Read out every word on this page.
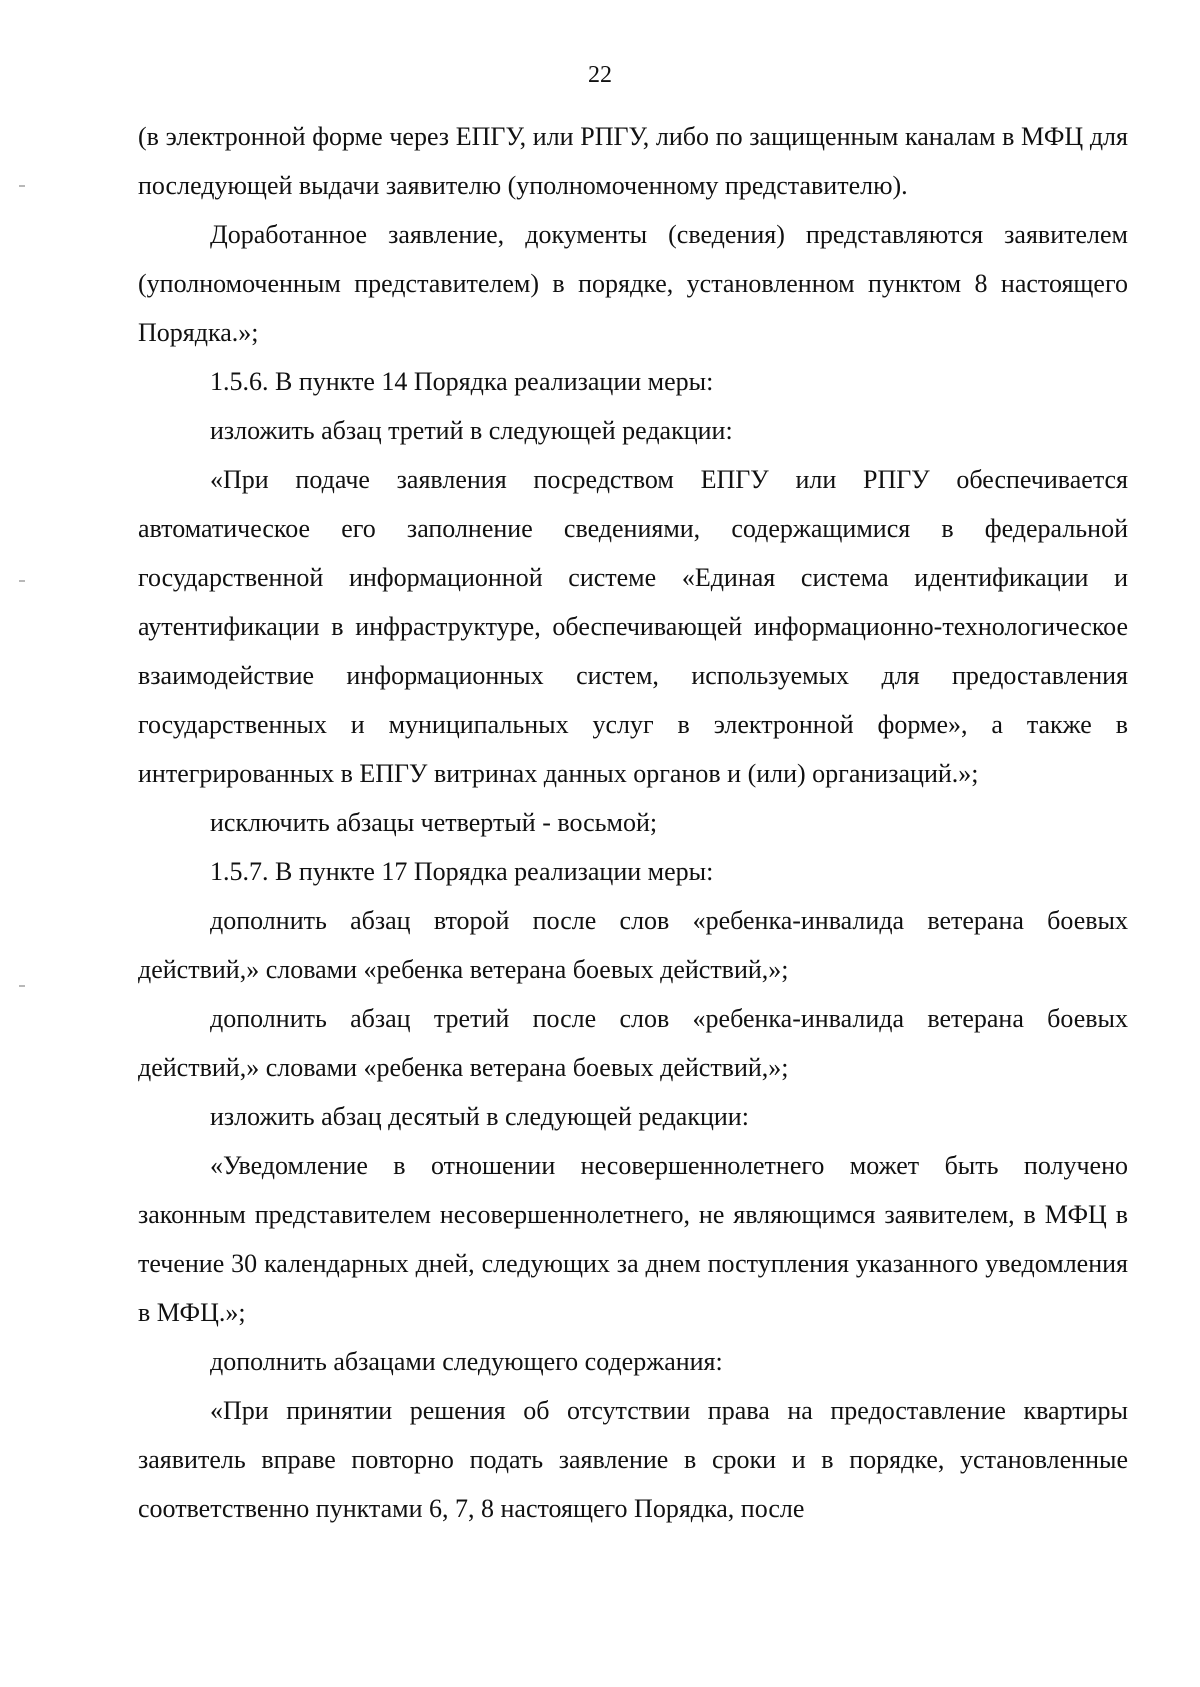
22

(в электронной форме через ЕПГУ, или РПГУ, либо по защищенным каналам в МФЦ для последующей выдачи заявителю (уполномоченному представителю).

Доработанное заявление, документы (сведения) представляются заявителем (уполномоченным представителем) в порядке, установленном пунктом 8 настоящего Порядка.»;

1.5.6. В пункте 14 Порядка реализации меры:

изложить абзац третий в следующей редакции:

«При подаче заявления посредством ЕПГУ или РПГУ обеспечивается автоматическое его заполнение сведениями, содержащимися в федеральной государственной информационной системе «Единая система идентификации и аутентификации в инфраструктуре, обеспечивающей информационно-технологическое взаимодействие информационных систем, используемых для предоставления государственных и муниципальных услуг в электронной форме», а также в интегрированных в ЕПГУ витринах данных органов и (или) организаций.»;

исключить абзацы четвертый - восьмой;

1.5.7. В пункте 17 Порядка реализации меры:

дополнить абзац второй после слов «ребенка-инвалида ветерана боевых действий,» словами «ребенка ветерана боевых действий,»;

дополнить абзац третий после слов «ребенка-инвалида ветерана боевых действий,» словами «ребенка ветерана боевых действий,»;

изложить абзац десятый в следующей редакции:

«Уведомление в отношении несовершеннолетнего может быть получено законным представителем несовершеннолетнего, не являющимся заявителем, в МФЦ в течение 30 календарных дней, следующих за днем поступления указанного уведомления в МФЦ.»;

дополнить абзацами следующего содержания:

«При принятии решения об отсутствии права на предоставление квартиры заявитель вправе повторно подать заявление в сроки и в порядке, установленные соответственно пунктами 6, 7, 8 настоящего Порядка, после
